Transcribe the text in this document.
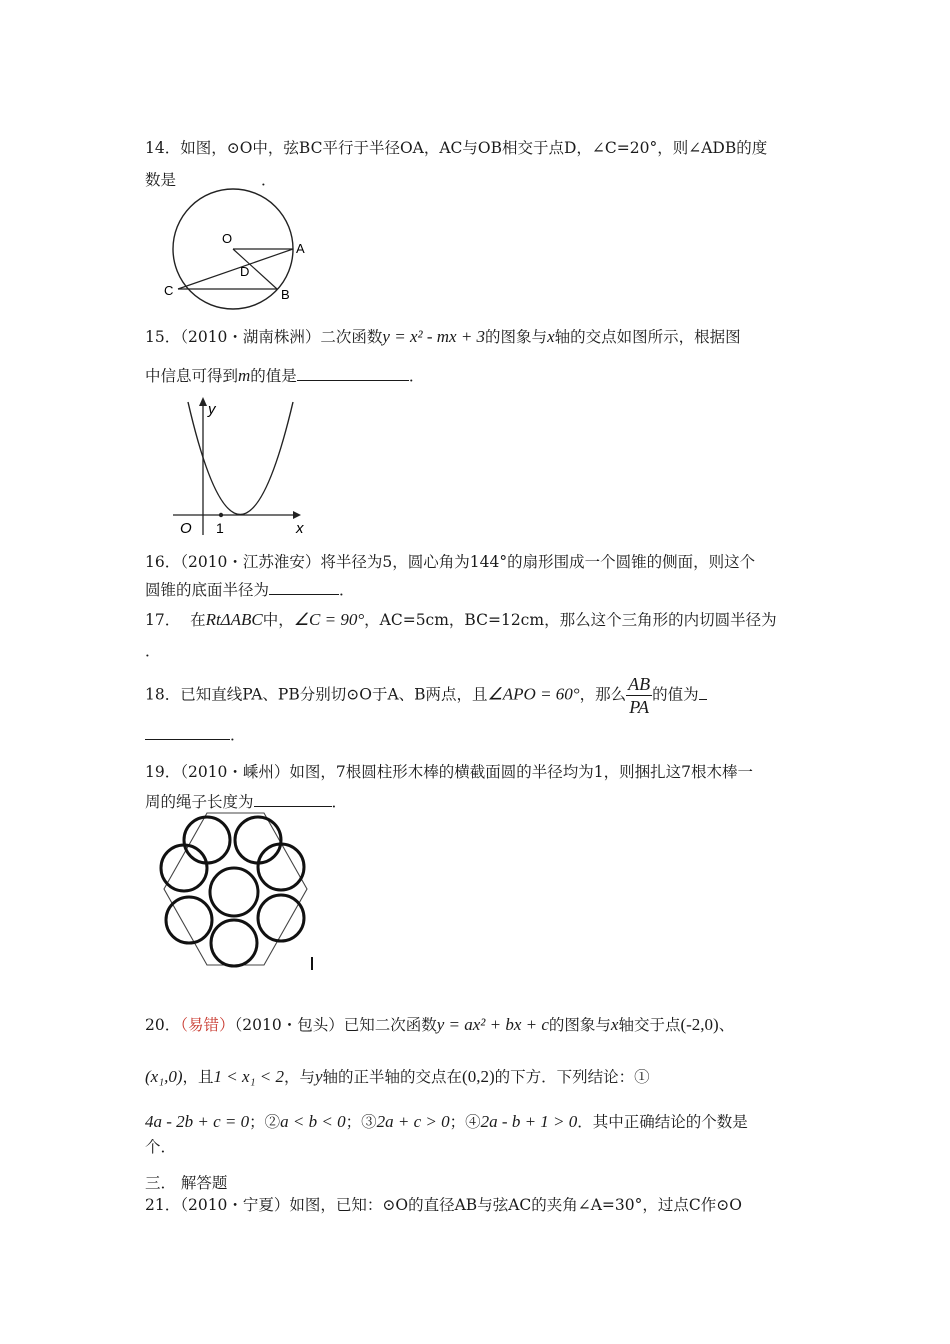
14．如图，⊙O中，弦BC平行于半径OA，AC与OB相交于点D，∠C=20°，则∠ADB的度
数是	．
O
A
D
C	B
15．（2010・湖南株洲）二次函数y = x² - mx + 3的图象与x轴的交点如图所示，根据图
中信息可得到m的值是	．
y
O 1	x
16．（2010・江苏淮安）将半径为5，圆心角为144°的扇形围成一个圆锥的侧面，则这个
圆锥的底面半径为	．
17．  在RtΔABC中，∠C = 90°，AC=5cm，BC=12cm，那么这个三角形的内切圆半径为
．
18．已知直线PA、PB分别切⊙O于A、B两点，且∠APO = 60°，那么 $\frac{AB}{PA}$ 的值为
．
19．（2010・嵊州）如图，7根圆柱形木棒的横截面圆的半径均为1，则捆扎这7根木棒一
周的绳子长度为	．
20．（易错）（2010・包头）已知二次函数y = ax² + bx + c的图象与x轴交于点(-2,0)、
(x₁,0)，且1 < x₁ < 2，与y轴的正半轴的交点在(0,2)的下方．下列结论：①
4a - 2b + c = 0；②a < b < 0；③2a + c > 0；④2a - b + 1 > 0．其中正确结论的个数是
个．
三． 解答题
21．（2010・宁夏）如图，已知：⊙O的直径AB与弦AC的夹角∠A=30°，过点C作⊙O
